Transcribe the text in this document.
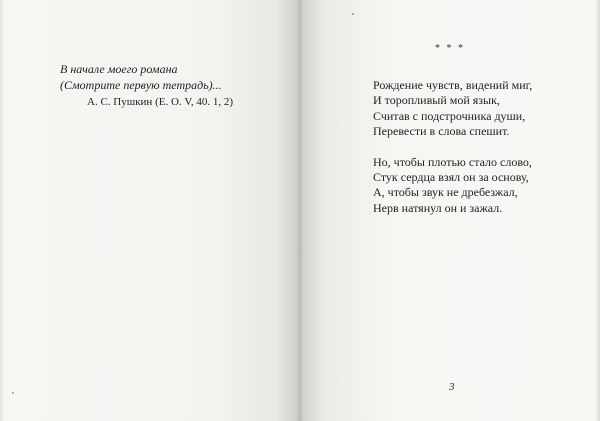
В начале моего романа

(Смотрите первую тетрадь)...

А. С. Пушкин (Е. О. V, 40. 1, 2)

* * *

Рождение чувств, видений миг,

И торопливый мой язык,

Считав с подстрочника души,

Перевести в слова спешит.

Но, чтобы плотью стало слово,

Стук сердца взял он за основу,

А, чтобы звук не дребезжал,

Нерв натянул он и зажал.

3
